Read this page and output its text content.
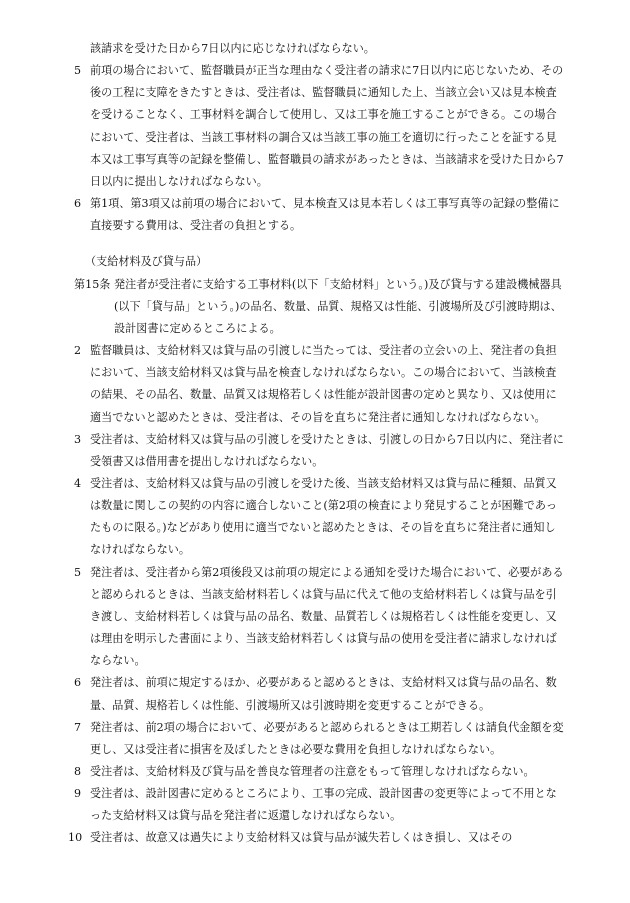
該請求を受けた日から7日以内に応じなければならない。

5 前項の場合において、監督職員が正当な理由なく受注者の請求に7日以内に応じないため、その後の工程に支障をきたすときは、受注者は、監督職員に通知した上、当該立会い又は見本検査を受けることなく、工事材料を調合して使用し、又は工事を施工することができる。この場合において、受注者は、当該工事材料の調合又は当該工事の施工を適切に行ったことを証する見本又は工事写真等の記録を整備し、監督職員の請求があったときは、当該請求を受けた日から7日以内に提出しなければならない。

6 第1項、第3項又は前項の場合において、見本検査又は見本若しくは工事写真等の記録の整備に直接要する費用は、受注者の負担とする。

（支給材料及び貸与品）

第15条 発注者が受注者に支給する工事材料(以下「支給材料」という。)及び貸与する建設機械器具(以下「貸与品」という。)の品名、数量、品質、規格又は性能、引渡場所及び引渡時期は、設計図書に定めるところによる。

2 監督職員は、支給材料又は貸与品の引渡しに当たっては、受注者の立会いの上、発注者の負担において、当該支給材料又は貸与品を検査しなければならない。この場合において、当該検査の結果、その品名、数量、品質又は規格若しくは性能が設計図書の定めと異なり、又は使用に適当でないと認めたときは、受注者は、その旨を直ちに発注者に通知しなければならない。

3 受注者は、支給材料又は貸与品の引渡しを受けたときは、引渡しの日から7日以内に、発注者に受領書又は借用書を提出しなければならない。

4 受注者は、支給材料又は貸与品の引渡しを受けた後、当該支給材料又は貸与品に種類、品質又は数量に関しこの契約の内容に適合しないこと(第2項の検査により発見することが困難であったものに限る。)などがあり使用に適当でないと認めたときは、その旨を直ちに発注者に通知しなければならない。

5 発注者は、受注者から第2項後段又は前項の規定による通知を受けた場合において、必要があると認められるときは、当該支給材料若しくは貸与品に代えて他の支給材料若しくは貸与品を引き渡し、支給材料若しくは貸与品の品名、数量、品質若しくは規格若しくは性能を変更し、又は理由を明示した書面により、当該支給材料若しくは貸与品の使用を受注者に請求しなければならない。

6 発注者は、前項に規定するほか、必要があると認めるときは、支給材料又は貸与品の品名、数量、品質、規格若しくは性能、引渡場所又は引渡時期を変更することができる。

7 発注者は、前2項の場合において、必要があると認められるときは工期若しくは請負代金額を変更し、又は受注者に損害を及ぼしたときは必要な費用を負担しなければならない。

8 受注者は、支給材料及び貸与品を善良な管理者の注意をもって管理しなければならない。

9 受注者は、設計図書に定めるところにより、工事の完成、設計図書の変更等によって不用となった支給材料又は貸与品を発注者に返還しなければならない。

10 受注者は、故意又は過失により支給材料又は貸与品が滅失若しくはき損し、又はその
